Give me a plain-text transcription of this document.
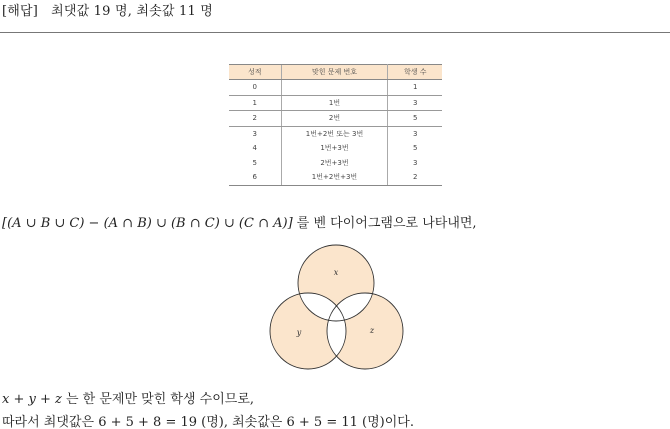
[해답] 최댓값 19 명, 최솟값 11 명
성적	맞힌 문제 번호	학생 수
0		1
1	1번	3
2	2번	5
3	1번+2번 또는 3번	3
4	1번+3번	5
5	2번+3번	3
6	1번+2번+3번	2
[(A ∪ B ∪ C) − (A ∩ B) ∪ (B ∩ C) ∪ (C ∩ A)] 를 벤 다이어그램으로 나타내면,
x
y	z
x + y + z 는 한 문제만 맞힌 학생 수이므로,
따라서 최댓값은 6 + 5 + 8 = 19 (명), 최솟값은 6 + 5 = 11 (명)이다.
